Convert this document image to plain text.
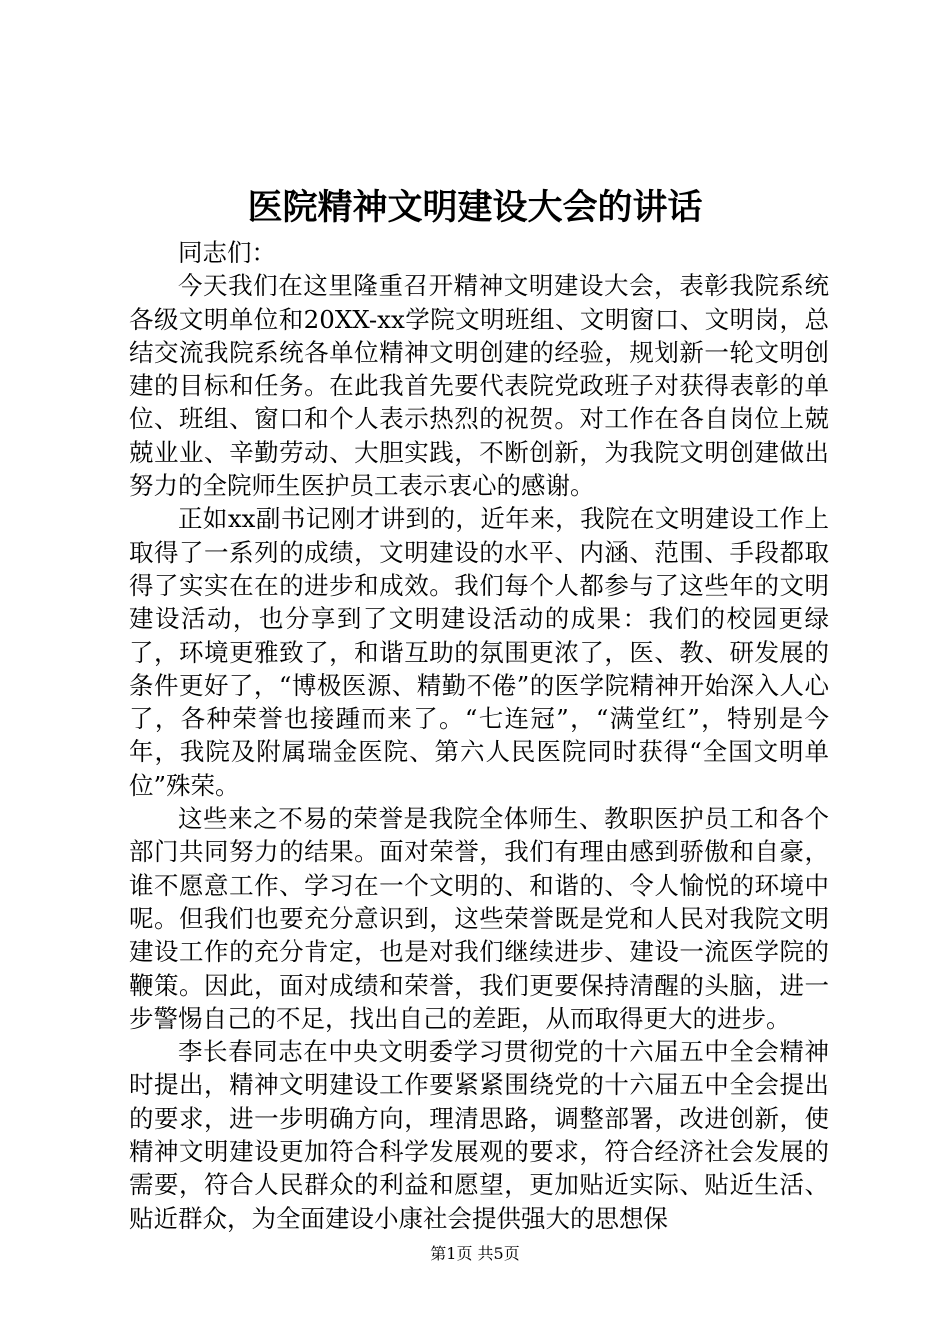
医院精神文明建设大会的讲话

同志们：

今天我们在这里隆重召开精神文明建设大会，表彰我院系统各级文明单位和20XX-xx学院文明班组、文明窗口、文明岗，总结交流我院系统各单位精神文明创建的经验，规划新一轮文明创建的目标和任务。在此我首先要代表院党政班子对获得表彰的单位、班组、窗口和个人表示热烈的祝贺。对工作在各自岗位上兢兢业业、辛勤劳动、大胆实践，不断创新，为我院文明创建做出努力的全院师生医护员工表示衷心的感谢。

正如xx副书记刚才讲到的，近年来，我院在文明建设工作上取得了一系列的成绩，文明建设的水平、内涵、范围、手段都取得了实实在在的进步和成效。我们每个人都参与了这些年的文明建设活动，也分享到了文明建设活动的成果：我们的校园更绿了，环境更雅致了，和谐互助的氛围更浓了，医、教、研发展的条件更好了，“博极医源、精勤不倦”的医学院精神开始深入人心了，各种荣誉也接踵而来了。“七连冠”，“满堂红”，特别是今年，我院及附属瑞金医院、第六人民医院同时获得“全国文明单位”殊荣。

这些来之不易的荣誉是我院全体师生、教职医护员工和各个部门共同努力的结果。面对荣誉，我们有理由感到骄傲和自豪，谁不愿意工作、学习在一个文明的、和谐的、令人愉悦的环境中呢。但我们也要充分意识到，这些荣誉既是党和人民对我院文明建设工作的充分肯定，也是对我们继续进步、建设一流医学院的鞭策。因此，面对成绩和荣誉，我们更要保持清醒的头脑，进一步警惕自己的不足，找出自己的差距，从而取得更大的进步。

李长春同志在中央文明委学习贯彻党的十六届五中全会精神时提出，精神文明建设工作要紧紧围绕党的十六届五中全会提出的要求，进一步明确方向，理清思路，调整部署，改进创新，使精神文明建设更加符合科学发展观的要求，符合经济社会发展的需要，符合人民群众的利益和愿望，更加贴近实际、贴近生活、贴近群众，为全面建设小康社会提供强大的思想保

第1页 共5页
